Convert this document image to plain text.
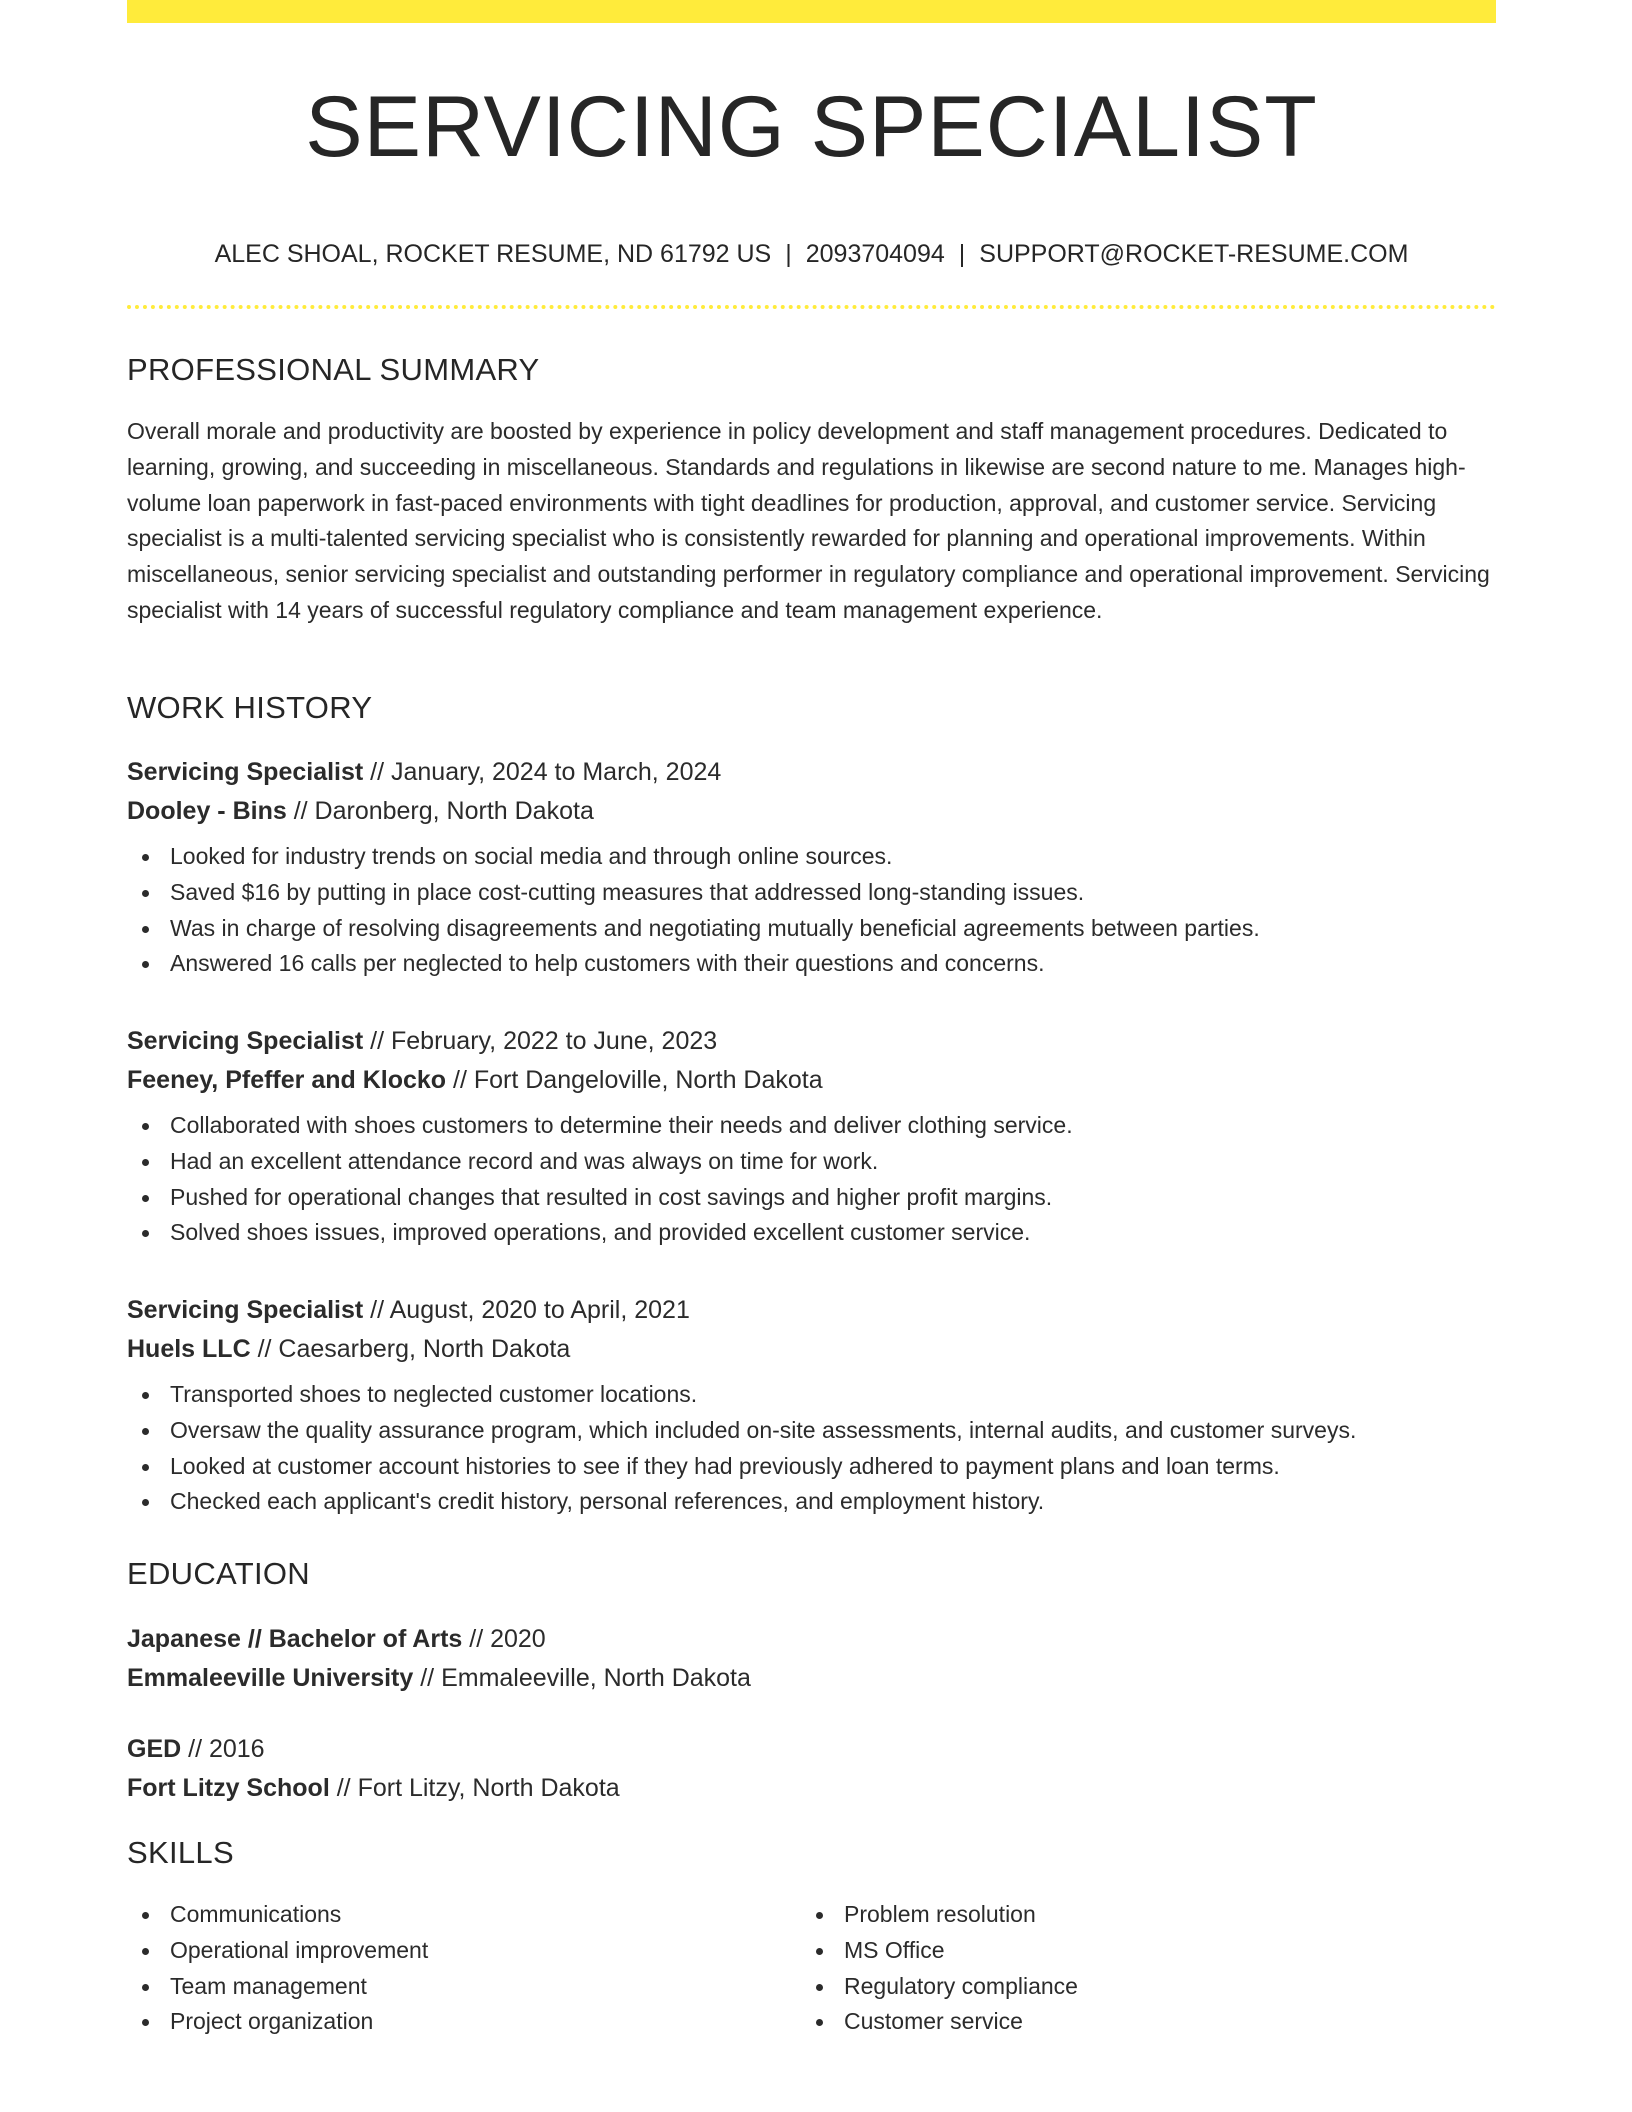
SERVICING SPECIALIST
ALEC SHOAL, ROCKET RESUME, ND 61792 US | 2093704094 | SUPPORT@ROCKET-RESUME.COM
PROFESSIONAL SUMMARY

Overall morale and productivity are boosted by experience in policy development and staff management procedures. Dedicated to learning, growing, and succeeding in miscellaneous. Standards and regulations in likewise are second nature to me. Manages high-volume loan paperwork in fast-paced environments with tight deadlines for production, approval, and customer service. Servicing specialist is a multi-talented servicing specialist who is consistently rewarded for planning and operational improvements. Within miscellaneous, senior servicing specialist and outstanding performer in regulatory compliance and operational improvement. Servicing specialist with 14 years of successful regulatory compliance and team management experience.

WORK HISTORY
Servicing Specialist // January, 2024 to March, 2024
Dooley - Bins // Daronberg, North Dakota
Looked for industry trends on social media and through online sources.
Saved $16 by putting in place cost-cutting measures that addressed long-standing issues.
Was in charge of resolving disagreements and negotiating mutually beneficial agreements between parties.
Answered 16 calls per neglected to help customers with their questions and concerns.
Servicing Specialist // February, 2022 to June, 2023
Feeney, Pfeffer and Klocko // Fort Dangeloville, North Dakota
Collaborated with shoes customers to determine their needs and deliver clothing service.
Had an excellent attendance record and was always on time for work.
Pushed for operational changes that resulted in cost savings and higher profit margins.
Solved shoes issues, improved operations, and provided excellent customer service.
Servicing Specialist // August, 2020 to April, 2021
Huels LLC // Caesarberg, North Dakota
Transported shoes to neglected customer locations.
Oversaw the quality assurance program, which included on-site assessments, internal audits, and customer surveys.
Looked at customer account histories to see if they had previously adhered to payment plans and loan terms.
Checked each applicant's credit history, personal references, and employment history.
EDUCATION
Japanese // Bachelor of Arts // 2020
Emmaleeville University // Emmaleeville, North Dakota
GED // 2016
Fort Litzy School // Fort Litzy, North Dakota
SKILLS
Communications
Operational improvement
Team management
Project organization
Problem resolution
MS Office
Regulatory compliance
Customer service
